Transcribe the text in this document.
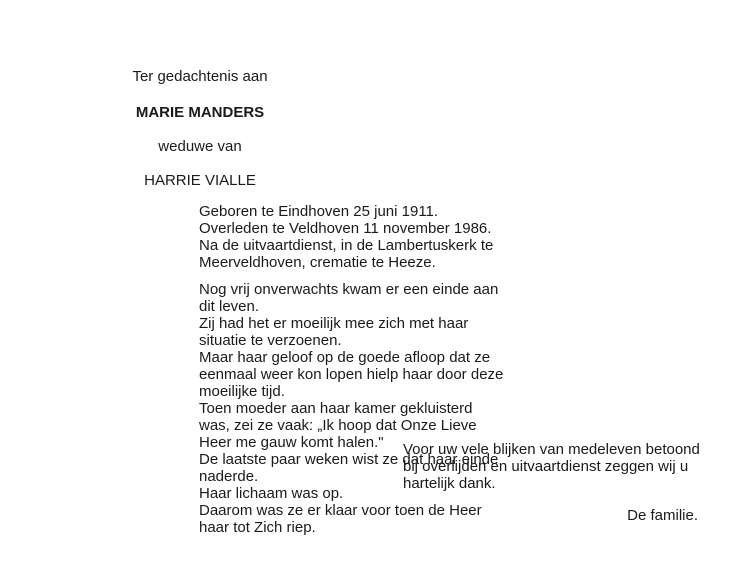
Ter gedachtenis aan
MARIE MANDERS
weduwe van
HARRIE VIALLE
Geboren te Eindhoven 25 juni 1911.
Overleden te Veldhoven 11 november 1986.
Na de uitvaartdienst, in de Lambertuskerk te
Meerveldhoven, crematie te Heeze.
Nog vrij onverwachts kwam er een einde aan
dit leven.
Zij had het er moeilijk mee zich met haar
situatie te verzoenen.
Maar haar geloof op de goede afloop dat ze
eenmaal weer kon lopen hielp haar door deze
moeilijke tijd.
Toen moeder aan haar kamer gekluisterd
was, zei ze vaak: „Ik hoop dat Onze Lieve
Heer me gauw komt halen."
De laatste paar weken wist ze dat haar einde
naderde.
Haar lichaam was op.
Daarom was ze er klaar voor toen de Heer
haar tot Zich riep.
Voor uw vele blijken van medeleven betoond
bij overlijden en uitvaartdienst zeggen wij u
hartelijk dank.
De familie.
